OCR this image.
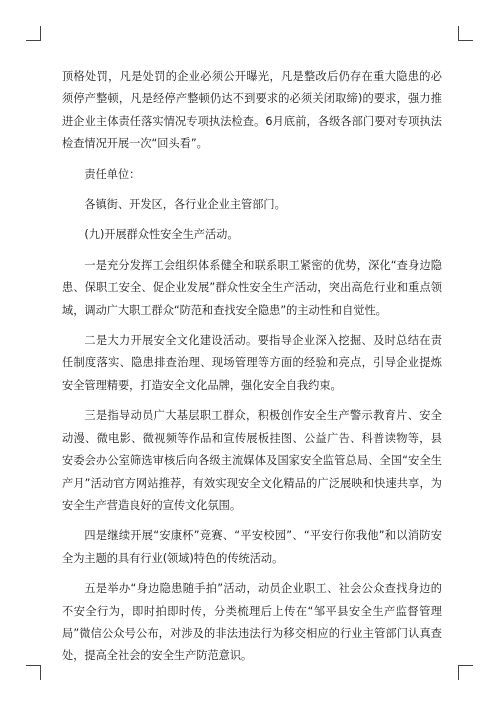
顶格处罚，凡是处罚的企业必须公开曝光，凡是整改后仍存在重大隐患的必须停产整顿，凡是经停产整顿仍达不到要求的必须关闭取缔)的要求，强力推进企业主体责任落实情况专项执法检查。6月底前，各级各部门要对专项执法检查情况开展一次“回头看”。

责任单位：

各镇街、开发区，各行业企业主管部门。

(九)开展群众性安全生产活动。

一是充分发挥工会组织体系健全和联系职工紧密的优势，深化“查身边隐患、保职工安全、促企业发展”群众性安全生产活动，突出高危行业和重点领域，调动广大职工群众“防范和查找安全隐患”的主动性和自觉性。

二是大力开展安全文化建设活动。要指导企业深入挖掘、及时总结在责任制度落实、隐患排查治理、现场管理等方面的经验和亮点，引导企业提炼安全管理精要，打造安全文化品牌，强化安全自我约束。

三是指导动员广大基层职工群众，积极创作安全生产警示教育片、安全动漫、微电影、微视频等作品和宣传展板挂图、公益广告、科普读物等，县安委会办公室筛选审核后向各级主流媒体及国家安全监管总局、全国“安全生产月”活动官方网站推荐，有效实现安全文化精品的广泛展映和快速共享，为安全生产营造良好的宣传文化氛围。

四是继续开展“安康杯”竞赛、“平安校园”、“平安行你我他”和以消防安全为主题的具有行业(领域)特色的传统活动。

五是举办“身边隐患随手拍”活动，动员企业职工、社会公众查找身边的不安全行为，即时拍即时传，分类梳理后上传在“邹平县安全生产监督管理局”微信公众号公布，对涉及的非法违法行为移交相应的行业主管部门认真查处，提高全社会的安全生产防范意识。
